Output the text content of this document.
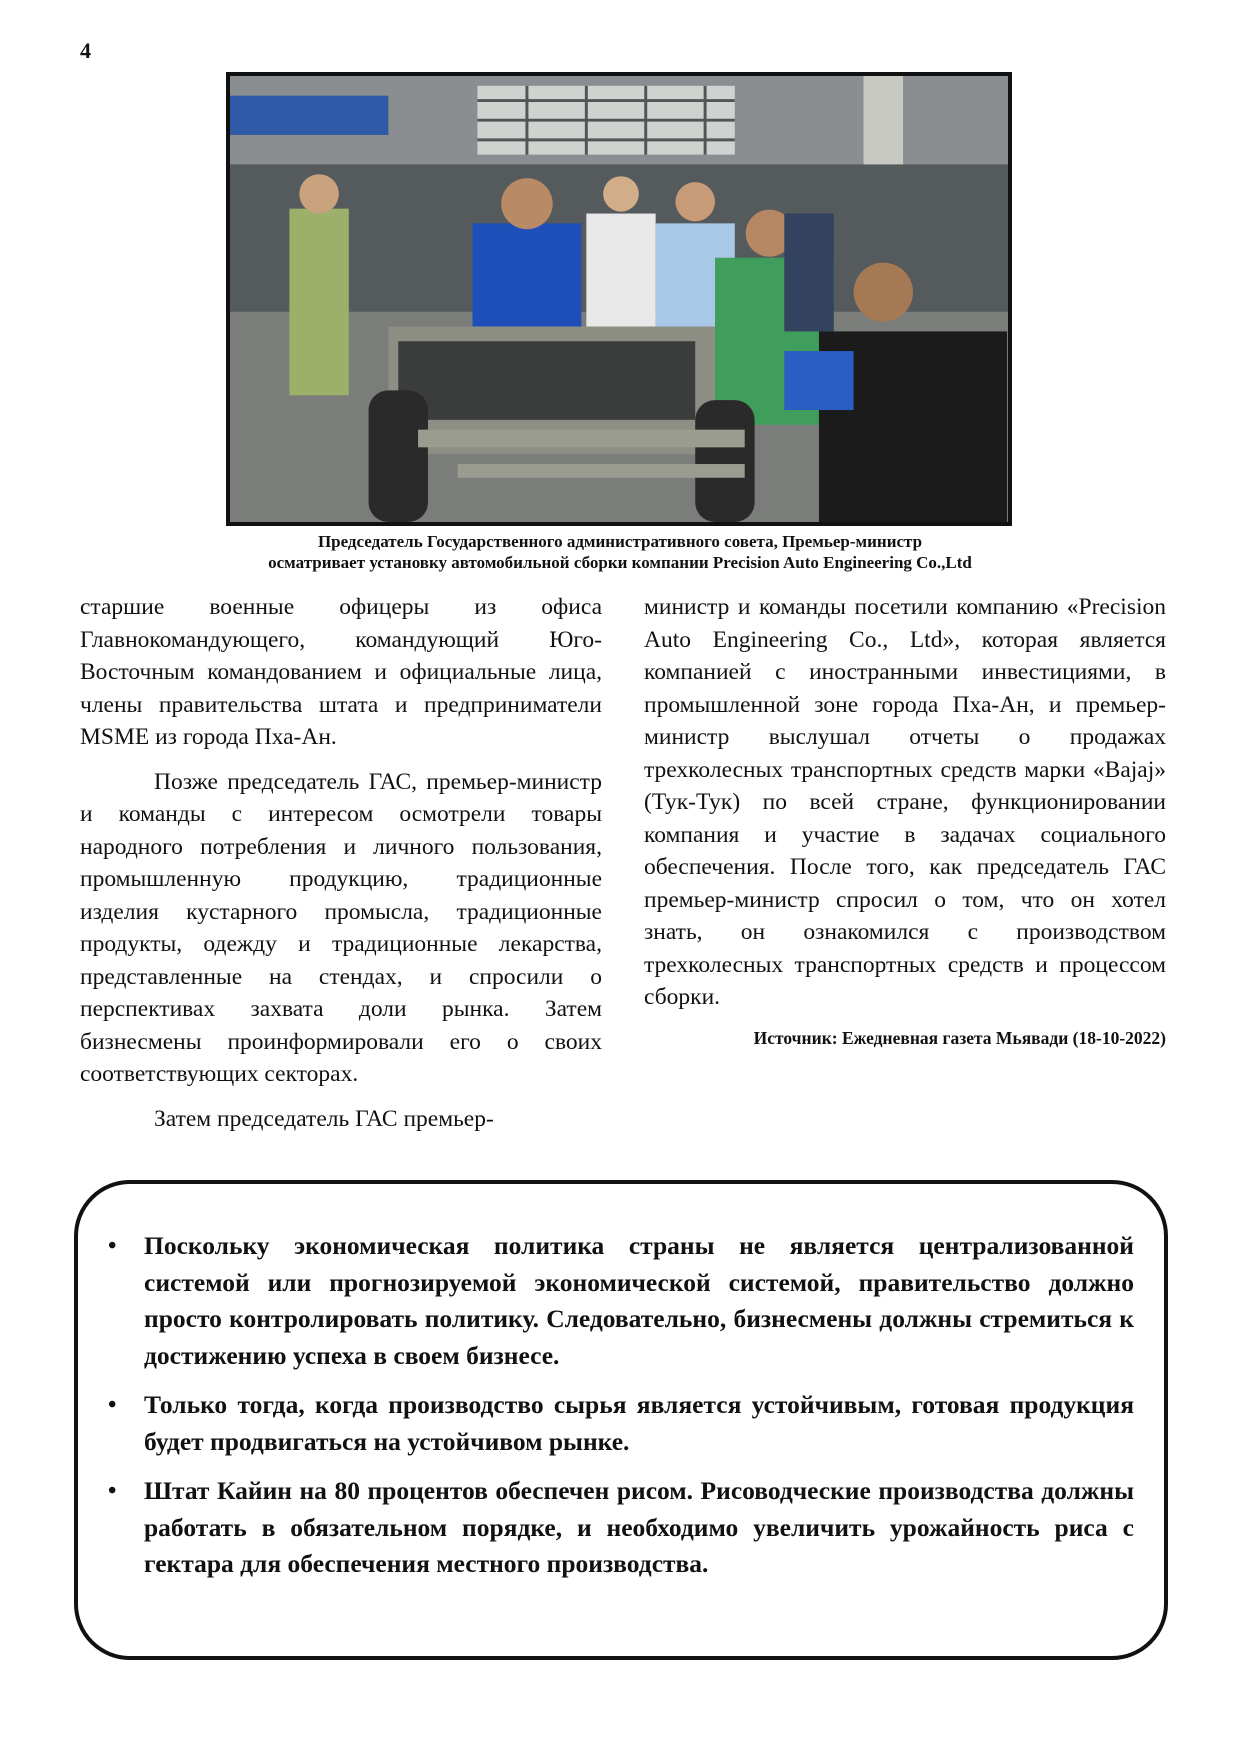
4
Председатель Государственного административного совета, Премьер-министр
осматривает установку автомобильной сборки компании Precision Auto Engineering Co.,Ltd

старшие военные офицеры из офиса Главнокомандующего, командующий Юго-Восточным командованием и официальные лица, члены правительства штата и предприниматели MSME из города Пха-Ан.

Позже председатель ГАС, премьер-министр и команды с интересом осмотрели товары народного потребления и личного пользования, промышленную продукцию, традиционные изделия кустарного промысла, традиционные продукты, одежду и традиционные лекарства, представленные на стендах, и спросили о перспективах захвата доли рынка. Затем бизнесмены проинформировали его о своих соответствующих секторах.

Затем председатель ГАС премьер-

министр и команды посетили компанию «Precision Auto Engineering Co., Ltd», которая является компанией с иностранными инвестициями, в промышленной зоне города Пха-Ан, и премьер-министр выслушал отчеты о продажах трехколесных транспортных средств марки «Bajaj» (Тук-Тук) по всей стране, функционировании компания и участие в задачах социального обеспечения. После того, как председатель ГАС премьер-министр спросил о том, что он хотел знать, он ознакомился с производством трехколесных транспортных средств и процессом сборки.

Источник: Ежедневная газета Мьявади (18-10-2022)
• Поскольку экономическая политика страны не является централизованной системой или прогнозируемой экономической системой, правительство должно просто контролировать политику. Следовательно, бизнесмены должны стремиться к достижению успеха в своем бизнесе.
• Только тогда, когда производство сырья является устойчивым, готовая продукция будет продвигаться на устойчивом рынке.
• Штат Кайин на 80 процентов обеспечен рисом. Рисоводческие производства должны работать в обязательном порядке, и необходимо увеличить урожайность риса с гектара для обеспечения местного производства.
